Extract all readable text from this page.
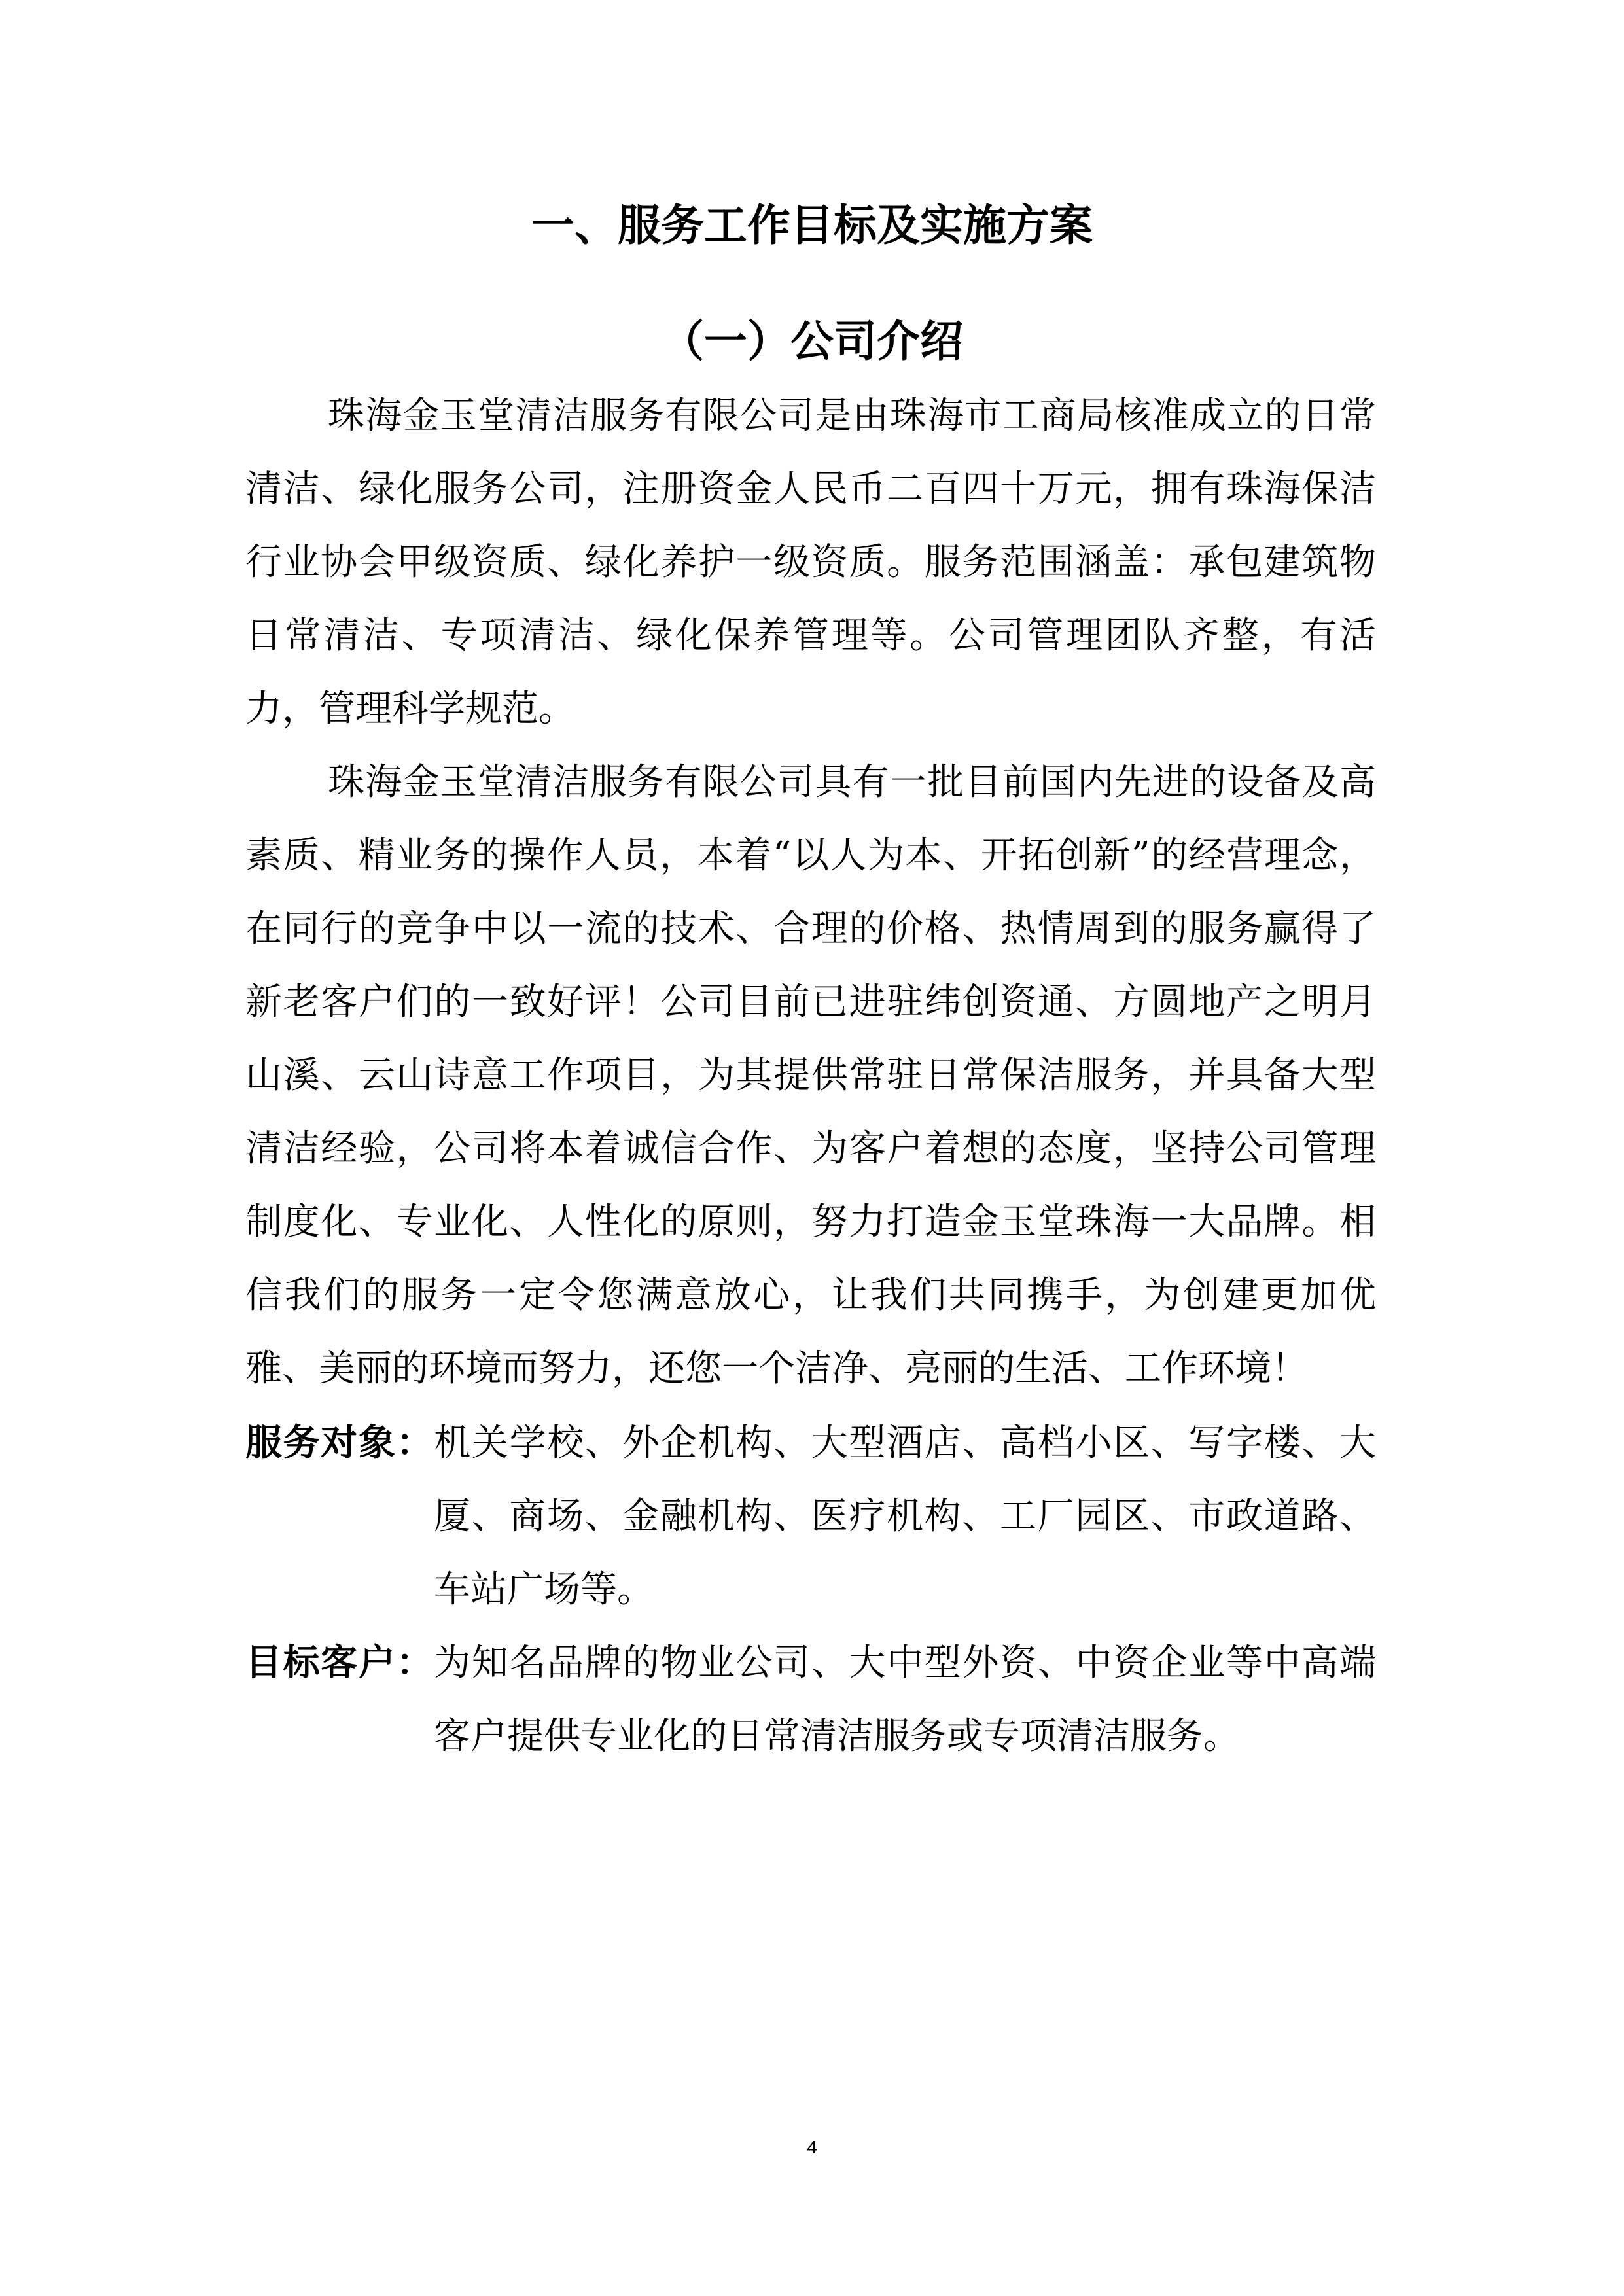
一、服务工作目标及实施方案
（一）公司介绍

珠海金玉堂清洁服务有限公司是由珠海市工商局核准成立的日常清洁、绿化服务公司，注册资金人民币二百四十万元，拥有珠海保洁行业协会甲级资质、绿化养护一级资质。服务范围涵盖：承包建筑物日常清洁、专项清洁、绿化保养管理等。公司管理团队齐整，有活力，管理科学规范。

珠海金玉堂清洁服务有限公司具有一批目前国内先进的设备及高素质、精业务的操作人员，本着“以人为本、开拓创新”的经营理念，在同行的竞争中以一流的技术、合理的价格、热情周到的服务赢得了新老客户们的一致好评！公司目前已进驻纬创资通、方圆地产之明月山溪、云山诗意工作项目，为其提供常驻日常保洁服务，并具备大型清洁经验，公司将本着诚信合作、为客户着想的态度，坚持公司管理制度化、专业化、人性化的原则，努力打造金玉堂珠海一大品牌。相信我们的服务一定令您满意放心，让我们共同携手，为创建更加优雅、美丽的环境而努力，还您一个洁净、亮丽的生活、工作环境！

服务对象：机关学校、外企机构、大型酒店、高档小区、写字楼、大厦、商场、金融机构、医疗机构、工厂园区、市政道路、车站广场等。

目标客户：为知名品牌的物业公司、大中型外资、中资企业等中高端客户提供专业化的日常清洁服务或专项清洁服务。

4
